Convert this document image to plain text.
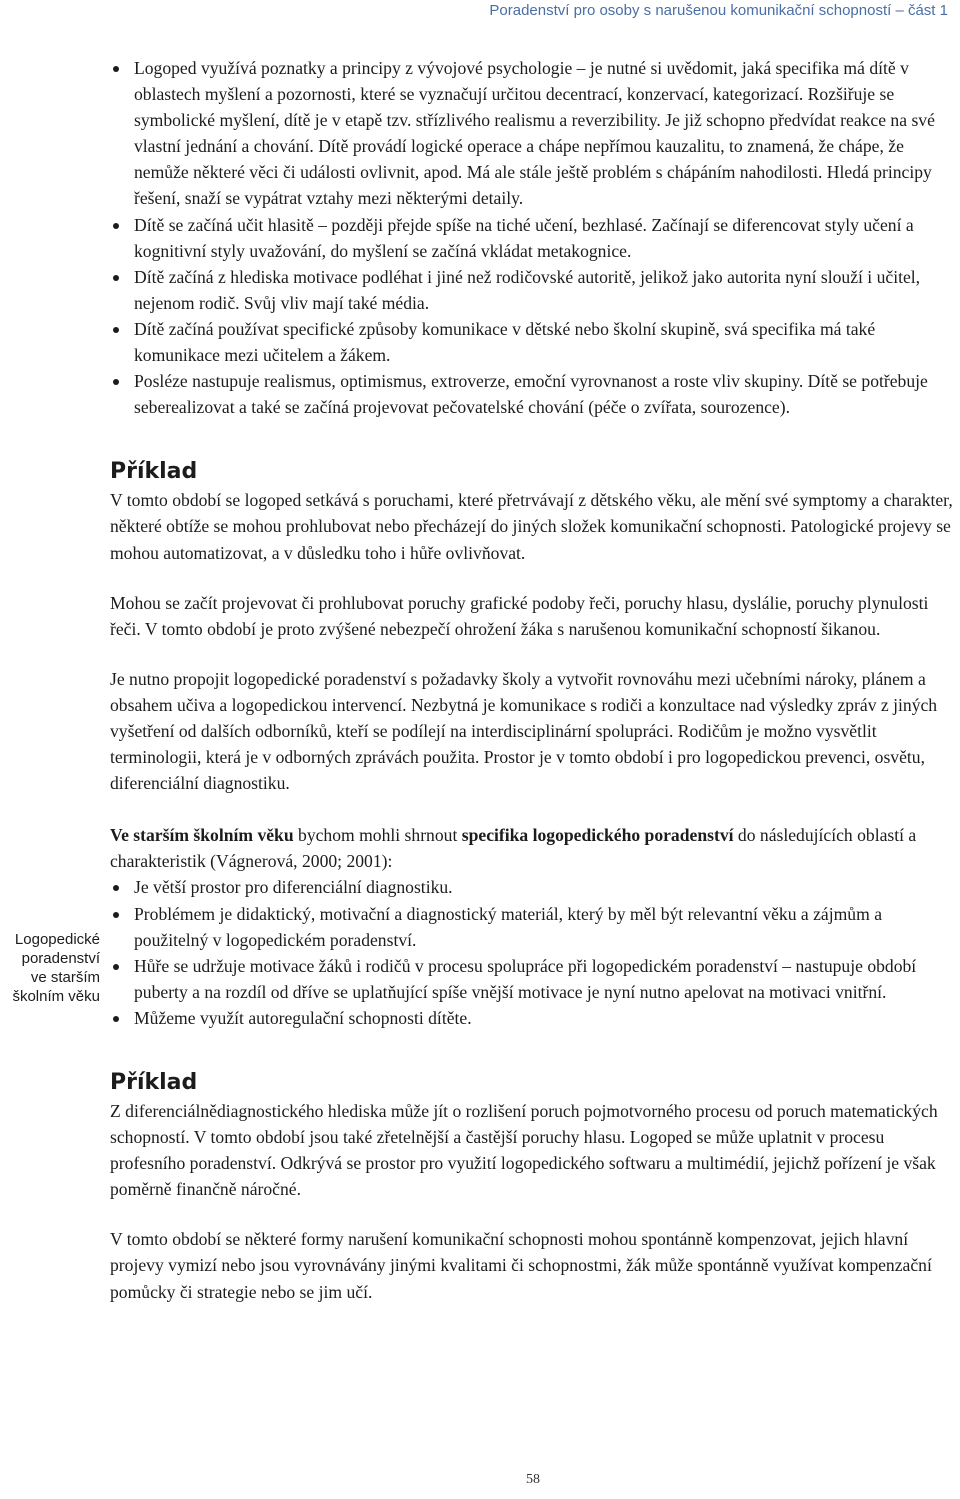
Poradenství pro osoby s narušenou komunikační schopností – část 1
Logoped využívá poznatky a principy z vývojové psychologie – je nutné si uvědomit, jaká specifika má dítě v oblastech myšlení a pozornosti, které se vyznačují určitou decentrací, konzervací, kategorizací. Rozšiřuje se symbolické myšlení, dítě je v etapě tzv. střízlivého realismu a reverzibility. Je již schopno předvídat reakce na své vlastní jednání a chování. Dítě provádí logické operace a chápe nepřímou kauzalitu, to znamená, že chápe, že nemůže některé věci či události ovlivnit, apod. Má ale stále ještě problém s chápáním nahodilosti. Hledá principy řešení, snaží se vypátrat vztahy mezi některými detaily.
Dítě se začíná učit hlasitě – později přejde spíše na tiché učení, bezhlasé. Začínají se diferencovat styly učení a kognitivní styly uvažování, do myšlení se začíná vkládat metakognice.
Dítě začíná z hlediska motivace podléhat i jiné než rodičovské autoritě, jelikož jako autorita nyní slouží i učitel, nejenom rodič. Svůj vliv mají také média.
Dítě začíná používat specifické způsoby komunikace v dětské nebo školní skupině, svá specifika má také komunikace mezi učitelem a žákem.
Posléze nastupuje realismus, optimismus, extroverze, emoční vyrovnanost a roste vliv skupiny. Dítě se potřebuje seberealizovat a také se začíná projevovat pečovatelské chování (péče o zvířata, sourozence).
Příklad

V tomto období se logoped setkává s poruchami, které přetrvávají z dětského věku, ale mění své symptomy a charakter, některé obtíže se mohou prohlubovat nebo přecházejí do jiných složek komunikační schopnosti. Patologické projevy se mohou automatizovat, a v důsledku toho i hůře ovlivňovat.

Mohou se začít projevovat či prohlubovat poruchy grafické podoby řeči, poruchy hlasu, dyslálie, poruchy plynulosti řeči. V tomto období je proto zvýšené nebezpečí ohrožení žáka s narušenou komunikační schopností šikanou.

Je nutno propojit logopedické poradenství s požadavky školy a vytvořit rovnováhu mezi učebními nároky, plánem a obsahem učiva a logopedickou intervencí. Nezbytná je komunikace s rodiči a konzultace nad výsledky zpráv z jiných vyšetření od dalších odborníků, kteří se podílejí na interdisciplinární spolupráci. Rodičům je možno vysvětlit terminologii, která je v odborných zprávách použita. Prostor je v tomto období i pro logopedickou prevenci, osvětu, diferenciální diagnostiku.

Ve starším školním věku bychom mohli shrnout specifika logopedického poradenství do následujících oblastí a charakteristik (Vágnerová, 2000; 2001):

Je větší prostor pro diferenciální diagnostiku.
Problémem je didaktický, motivační a diagnostický materiál, který by měl být relevantní věku a zájmům a použitelný v logopedickém poradenství.
Hůře se udržuje motivace žáků i rodičů v procesu spolupráce při logopedickém poradenství – nastupuje období puberty a na rozdíl od dříve se uplatňující spíše vnější motivace je nyní nutno apelovat na motivaci vnitřní.
Můžeme využít autoregulační schopnosti dítěte.
Příklad

Z diferenciálnědiagnostického hlediska může jít o rozlišení poruch pojmotvorného procesu od poruch matematických schopností. V tomto období jsou také zřetelnější a častější poruchy hlasu. Logoped se může uplatnit v procesu profesního poradenství. Odkrývá se prostor pro využití logopedického softwaru a multimédií, jejichž pořízení je však poměrně finančně náročné.

V tomto období se některé formy narušení komunikační schopnosti mohou spontánně kompenzovat, jejich hlavní projevy vymizí nebo jsou vyrovnávány jinými kvalitami či schopnostmi, žák může spontánně využívat kompenzační pomůcky či strategie nebo se jim učí.

Logopedické
poradenství
ve starším
školním věku
58
